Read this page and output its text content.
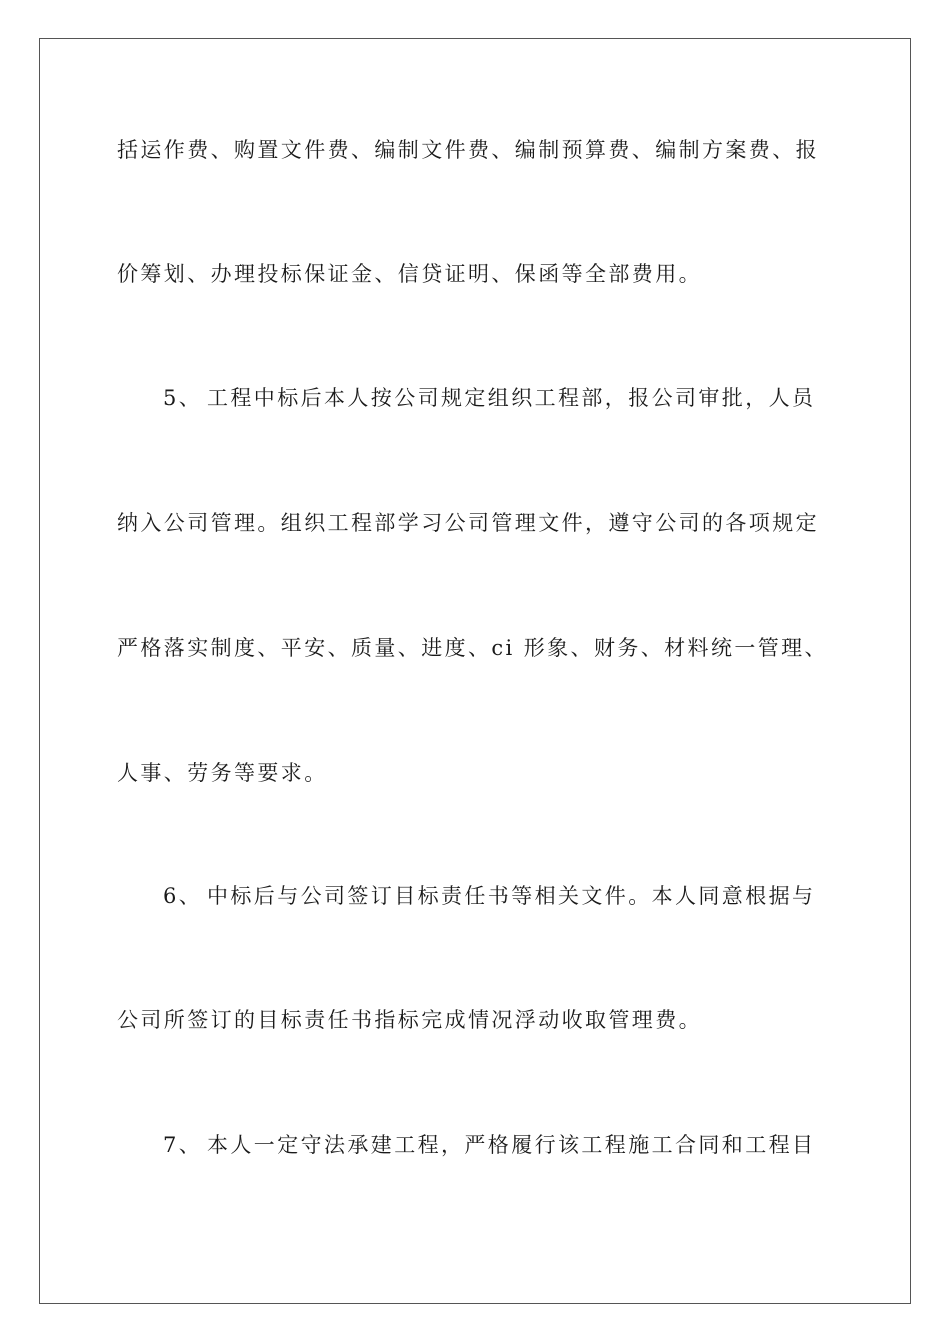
括运作费、购置文件费、编制文件费、编制预算费、编制方案费、报
价筹划、办理投标保证金、信贷证明、保函等全部费用。
5、 工程中标后本人按公司规定组织工程部，报公司审批，人员
纳入公司管理。组织工程部学习公司管理文件，遵守公司的各项规定
严格落实制度、平安、质量、进度、ci 形象、财务、材料统一管理、
人事、劳务等要求。
6、 中标后与公司签订目标责任书等相关文件。本人同意根据与
公司所签订的目标责任书指标完成情况浮动收取管理费。
7、 本人一定守法承建工程，严格履行该工程施工合同和工程目
